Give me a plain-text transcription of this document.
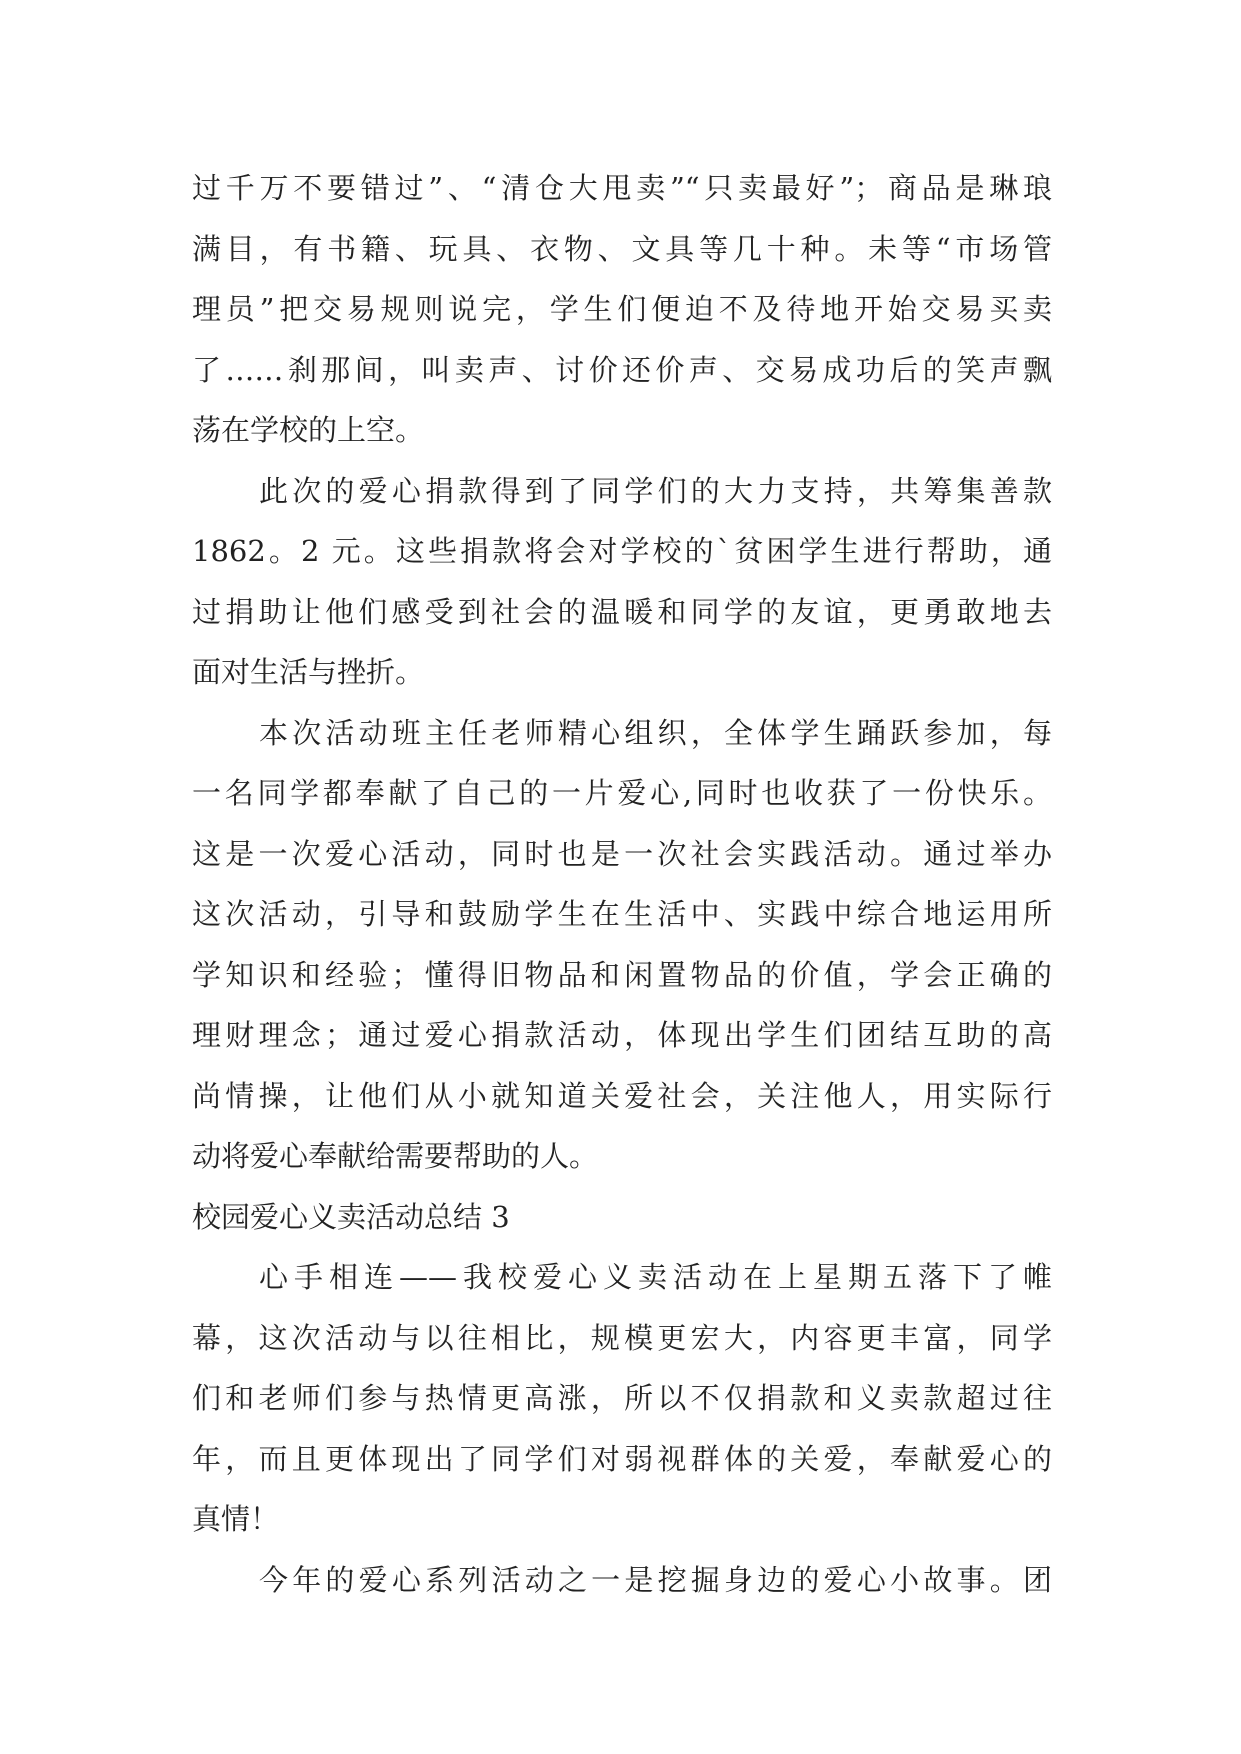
过千万不要错过”、“清仓大甩卖”“只卖最好”；商品是琳琅
满目，有书籍、玩具、衣物、文具等几十种。未等“市场管
理员”把交易规则说完，学生们便迫不及待地开始交易买卖
了……刹那间，叫卖声、讨价还价声、交易成功后的笑声飘
荡在学校的上空。
此次的爱心捐款得到了同学们的大力支持，共筹集善款
1862。2 元。这些捐款将会对学校的`贫困学生进行帮助，通
过捐助让他们感受到社会的温暖和同学的友谊，更勇敢地去
面对生活与挫折。
本次活动班主任老师精心组织，全体学生踊跃参加，每
一名同学都奉献了自己的一片爱心,同时也收获了一份快乐。
这是一次爱心活动，同时也是一次社会实践活动。通过举办
这次活动，引导和鼓励学生在生活中、实践中综合地运用所
学知识和经验；懂得旧物品和闲置物品的价值，学会正确的
理财理念；通过爱心捐款活动，体现出学生们团结互助的高
尚情操，让他们从小就知道关爱社会，关注他人，用实际行
动将爱心奉献给需要帮助的人。
校园爱心义卖活动总结 3
心手相连——我校爱心义卖活动在上星期五落下了帷
幕，这次活动与以往相比，规模更宏大，内容更丰富，同学
们和老师们参与热情更高涨，所以不仅捐款和义卖款超过往
年，而且更体现出了同学们对弱视群体的关爱，奉献爱心的
真情！
今年的爱心系列活动之一是挖掘身边的爱心小故事。团
